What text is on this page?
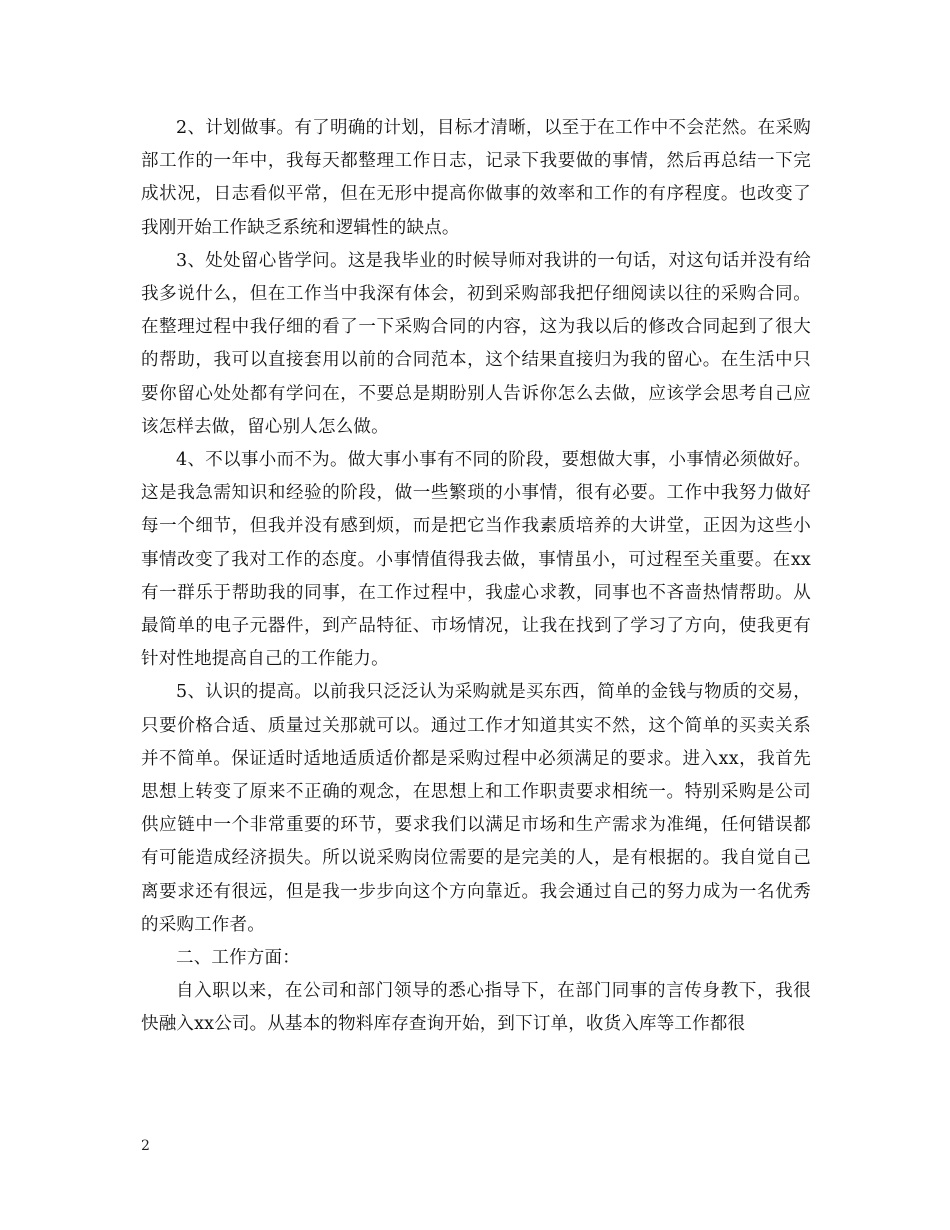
2、计划做事。有了明确的计划，目标才清晰，以至于在工作中不会茫然。在采购部工作的一年中，我每天都整理工作日志，记录下我要做的事情，然后再总结一下完成状况，日志看似平常，但在无形中提高你做事的效率和工作的有序程度。也改变了我刚开始工作缺乏系统和逻辑性的缺点。

3、处处留心皆学问。这是我毕业的时候导师对我讲的一句话，对这句话并没有给我多说什么，但在工作当中我深有体会，初到采购部我把仔细阅读以往的采购合同。在整理过程中我仔细的看了一下采购合同的内容，这为我以后的修改合同起到了很大的帮助，我可以直接套用以前的合同范本，这个结果直接归为我的留心。在生活中只要你留心处处都有学问在，不要总是期盼别人告诉你怎么去做，应该学会思考自己应该怎样去做，留心别人怎么做。

4、不以事小而不为。做大事小事有不同的阶段，要想做大事，小事情必须做好。这是我急需知识和经验的阶段，做一些繁琐的小事情，很有必要。工作中我努力做好每一个细节，但我并没有感到烦，而是把它当作我素质培养的大讲堂，正因为这些小事情改变了我对工作的态度。小事情值得我去做，事情虽小，可过程至关重要。在xx有一群乐于帮助我的同事，在工作过程中，我虚心求教，同事也不吝啬热情帮助。从最简单的电子元器件，到产品特征、市场情况，让我在找到了学习了方向，使我更有针对性地提高自己的工作能力。

5、认识的提高。以前我只泛泛认为采购就是买东西，简单的金钱与物质的交易，只要价格合适、质量过关那就可以。通过工作才知道其实不然，这个简单的买卖关系并不简单。保证适时适地适质适价都是采购过程中必须满足的要求。进入xx，我首先思想上转变了原来不正确的观念，在思想上和工作职责要求相统一。特别采购是公司供应链中一个非常重要的环节，要求我们以满足市场和生产需求为准绳，任何错误都有可能造成经济损失。所以说采购岗位需要的是完美的人，是有根据的。我自觉自己离要求还有很远，但是我一步步向这个方向靠近。我会通过自己的努力成为一名优秀的采购工作者。

二、工作方面：

自入职以来，在公司和部门领导的悉心指导下，在部门同事的言传身教下，我很快融入xx公司。从基本的物料库存查询开始，到下订单，收货入库等工作都很

2
